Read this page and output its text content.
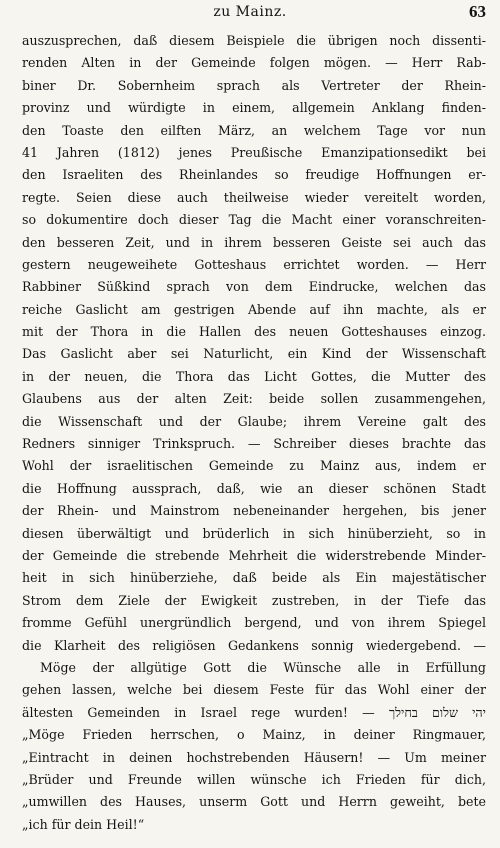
zu Mainz.	63
auszusprechen, daß diesem Beispiele die übrigen noch dissenti-
renden Alten in der Gemeinde folgen mögen. — Herr Rab-
biner Dr. Sobernheim sprach als Vertreter der Rhein-
provinz und würdigte in einem, allgemein Anklang finden-
den Toaste den eilften März, an welchem Tage vor nun
41 Jahren (1812) jenes Preußische Emanzipationsedikt bei
den Israeliten des Rheinlandes so freudige Hoffnungen er-
regte. Seien diese auch theilweise wieder vereitelt worden,
so dokumentire doch dieser Tag die Macht einer voranschreiten-
den besseren Zeit, und in ihrem besseren Geiste sei auch das
gestern neugeweihete Gotteshaus errichtet worden. — Herr
Rabbiner Süßkind sprach von dem Eindrucke, welchen das
reiche Gaslicht am gestrigen Abende auf ihn machte, als er
mit der Thora in die Hallen des neuen Gotteshauses einzog.
Das Gaslicht aber sei Naturlicht, ein Kind der Wissenschaft
in der neuen, die Thora das Licht Gottes, die Mutter des
Glaubens aus der alten Zeit: beide sollen zusammengehen,
die Wissenschaft und der Glaube; ihrem Vereine galt des
Redners sinniger Trinkspruch. — Schreiber dieses brachte das
Wohl der israelitischen Gemeinde zu Mainz aus, indem er
die Hoffnung aussprach, daß, wie an dieser schönen Stadt
der Rhein- und Mainstrom nebeneinander hergehen, bis jener
diesen überwältigt und brüderlich in sich hinüberzieht, so in
der Gemeinde die strebende Mehrheit die widerstrebende Minder-
heit in sich hinüberziehe, daß beide als Ein majestätischer
Strom dem Ziele der Ewigkeit zustreben, in der Tiefe das
fromme Gefühl unergründlich bergend, und von ihrem Spiegel
die Klarheit des religiösen Gedankens sonnig wiedergebend. —
Möge der allgütige Gott die Wünsche alle in Erfüllung
gehen lassen, welche bei diesem Feste für das Wohl einer der
ältesten Gemeinden in Israel rege wurden! — יהי שלום בחילך
„Möge Frieden herrschen, o Mainz, in deiner Ringmauer,
„Eintracht in deinen hochstrebenden Häusern! — Um meiner
„Brüder und Freunde willen wünsche ich Frieden für dich,
„umwillen des Hauses, unserm Gott und Herrn geweiht, bete
„ich für dein Heil!“
